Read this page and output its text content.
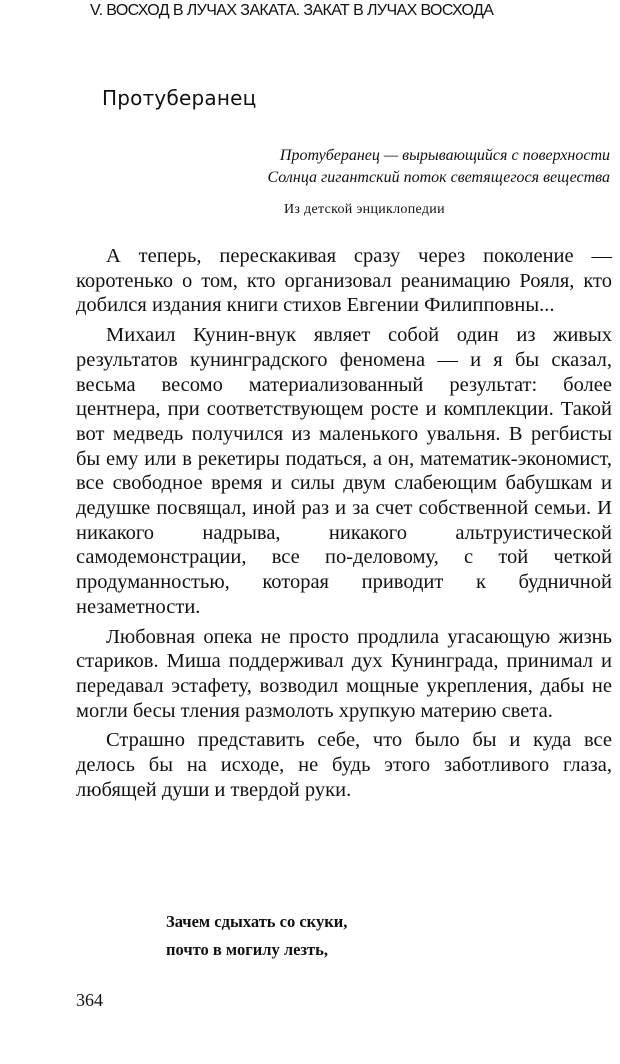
V. ВОСХОД В ЛУЧАХ ЗАКАТА. ЗАКАТ В ЛУЧАХ ВОСХОДА
Протуберанец
Протуберанец — вырывающийся с поверхности
Солнца гигантский поток светящегося вещества
Из детской энциклопедии

А теперь, перескакивая сразу через поколение — коротенько о том, кто организовал реанимацию Рояля, кто добился издания книги стихов Евгении Филипповны...

Михаил Кунин-внук являет собой один из живых результатов кунинградского феномена — и я бы сказал, весьма весомо материализованный результат: более центнера, при соответствующем росте и комплекции. Такой вот медведь получился из маленького увальня. В регбисты бы ему или в рекетиры податься, а он, математик-экономист, все свободное время и силы двум слабеющим бабушкам и дедушке посвящал, иной раз и за счет собственной семьи. И никакого надрыва, никакого альтруистической самодемонстрации, все по-деловому, с той четкой продуманностью, которая приводит к будничной незаметности.

Любовная опека не просто продлила угасающую жизнь стариков. Миша поддерживал дух Кунинграда, принимал и передавал эстафету, возводил мощные укрепления, дабы не могли бесы тления размолоть хрупкую материю света.

Страшно представить себе, что было бы и куда все делось бы на исходе, не будь этого заботливого глаза, любящей души и твердой руки.

Зачем сдыхать со скуки,
почто в могилу лезть,
364
